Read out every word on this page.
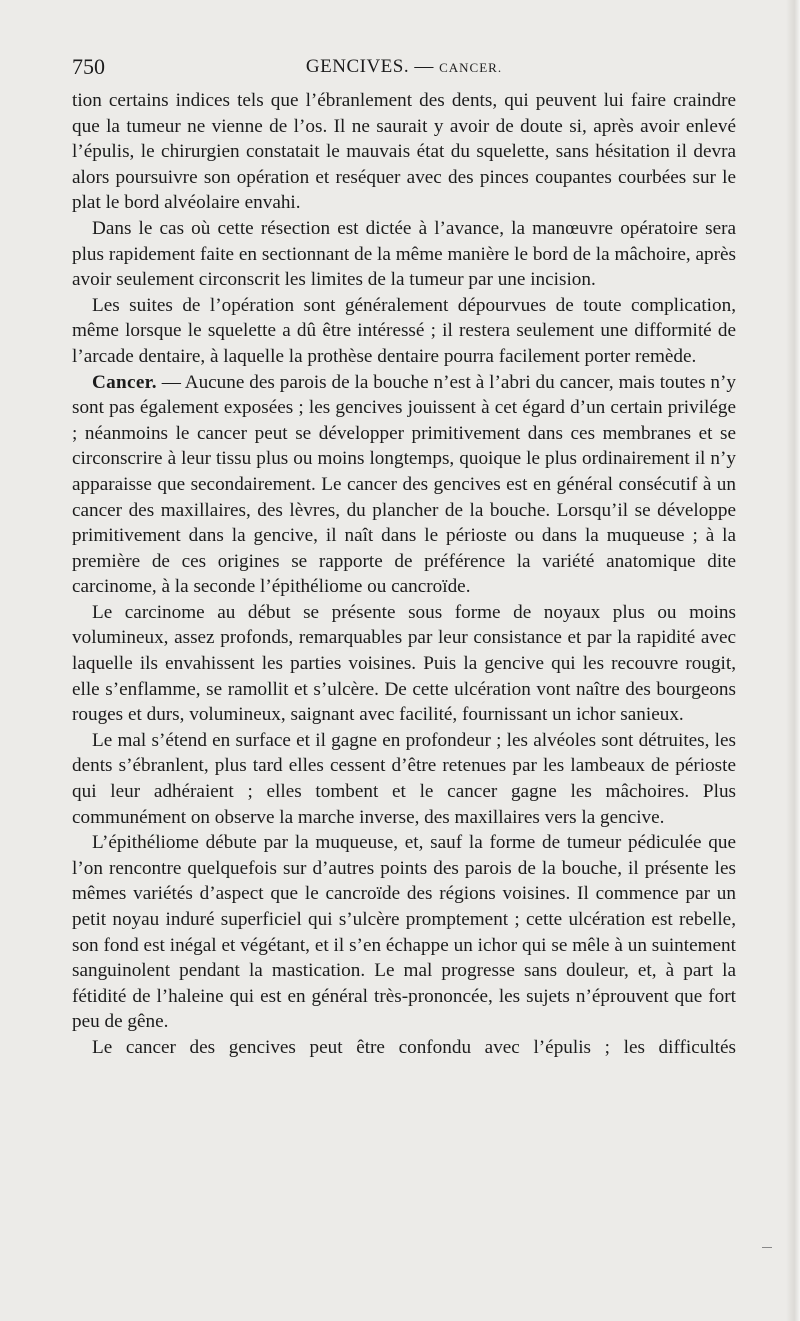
750	GENCIVES. — CANCER.

tion certains indices tels que l’ébranlement des dents, qui peuvent lui faire craindre que la tumeur ne vienne de l’os. Il ne saurait y avoir de doute si, après avoir enlevé l’épulis, le chirurgien constatait le mauvais état du squelette, sans hésitation il devra alors poursuivre son opération et reséquer avec des pinces coupantes courbées sur le plat le bord alvéolaire envahi.

Dans le cas où cette résection est dictée à l’avance, la manœuvre opératoire sera plus rapidement faite en sectionnant de la même manière le bord de la mâchoire, après avoir seulement circonscrit les limites de la tumeur par une incision.

Les suites de l’opération sont généralement dépourvues de toute complication, même lorsque le squelette a dû être intéressé ; il restera seulement une difformité de l’arcade dentaire, à laquelle la prothèse dentaire pourra facilement porter remède.

Cancer. — Aucune des parois de la bouche n’est à l’abri du cancer, mais toutes n’y sont pas également exposées ; les gencives jouissent à cet égard d’un certain privilége ; néanmoins le cancer peut se développer primitivement dans ces membranes et se circonscrire à leur tissu plus ou moins longtemps, quoique le plus ordinairement il n’y apparaisse que secondairement. Le cancer des gencives est en général consécutif à un cancer des maxillaires, des lèvres, du plancher de la bouche. Lorsqu’il se développe primitivement dans la gencive, il naît dans le périoste ou dans la muqueuse ; à la première de ces origines se rapporte de préférence la variété anatomique dite carcinome, à la seconde l’épithéliome ou cancroïde.

Le carcinome au début se présente sous forme de noyaux plus ou moins volumineux, assez profonds, remarquables par leur consistance et par la rapidité avec laquelle ils envahissent les parties voisines. Puis la gencive qui les recouvre rougit, elle s’enflamme, se ramollit et s’ulcère. De cette ulcération vont naître des bourgeons rouges et durs, volumineux, saignant avec facilité, fournissant un ichor sanieux.

Le mal s’étend en surface et il gagne en profondeur ; les alvéoles sont détruites, les dents s’ébranlent, plus tard elles cessent d’être retenues par les lambeaux de périoste qui leur adhéraient ; elles tombent et le cancer gagne les mâchoires. Plus communément on observe la marche inverse, des maxillaires vers la gencive.

L’épithéliome débute par la muqueuse, et, sauf la forme de tumeur pédiculée que l’on rencontre quelquefois sur d’autres points des parois de la bouche, il présente les mêmes variétés d’aspect que le cancroïde des régions voisines. Il commence par un petit noyau induré superficiel qui s’ulcère promptement ; cette ulcération est rebelle, son fond est inégal et végétant, et il s’en échappe un ichor qui se mêle à un suintement sanguinolent pendant la mastication. Le mal progresse sans douleur, et, à part la fétidité de l’haleine qui est en général très-prononcée, les sujets n’éprouvent que fort peu de gêne.

Le cancer des gencives peut être confondu avec l’épulis ; les difficultés
